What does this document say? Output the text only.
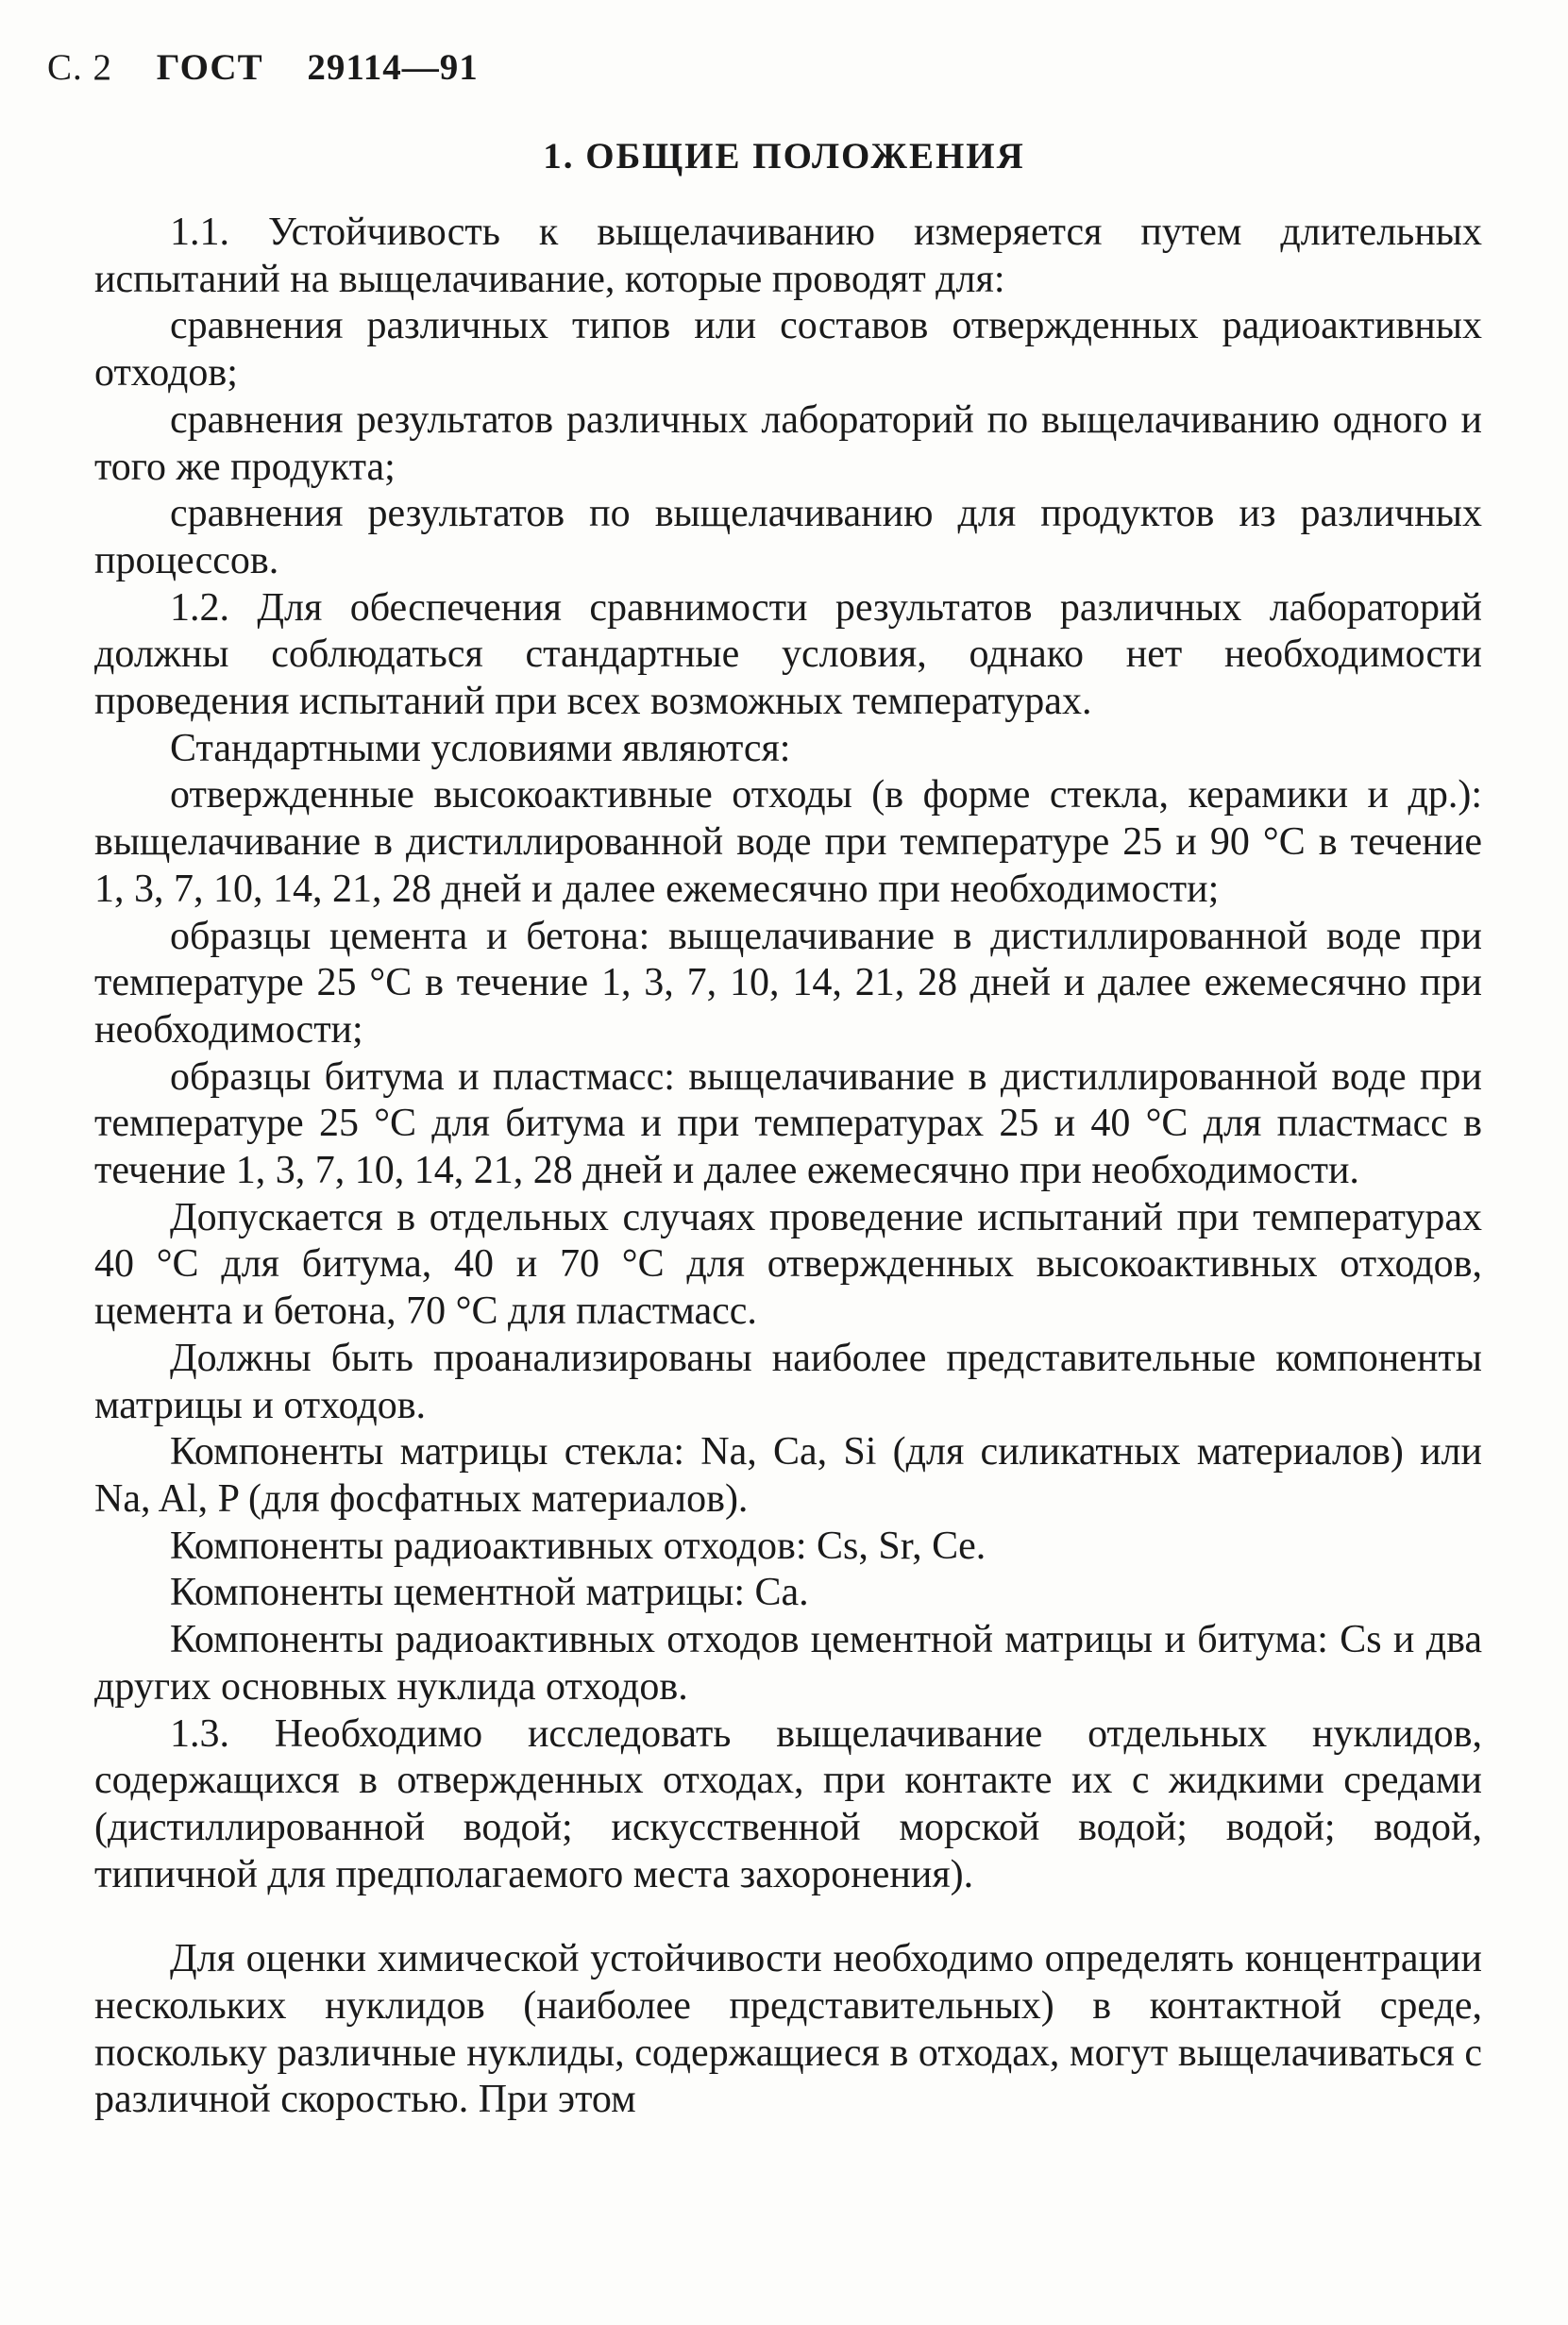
С. 2 ГОСТ 29114—91
1. ОБЩИЕ ПОЛОЖЕНИЯ

1.1. Устойчивость к выщелачиванию измеряется путем длительных испытаний на выщелачивание, которые проводят для:

сравнения различных типов или составов отвержденных радиоактивных отходов;

сравнения результатов различных лабораторий по выщелачиванию одного и того же продукта;

сравнения результатов по выщелачиванию для продуктов из различных процессов.

1.2. Для обеспечения сравнимости результатов различных лабораторий должны соблюдаться стандартные условия, однако нет необходимости проведения испытаний при всех возможных температурах.

Стандартными условиями являются:

отвержденные высокоактивные отходы (в форме стекла, керамики и др.): выщелачивание в дистиллированной воде при температуре 25 и 90 °С в течение 1, 3, 7, 10, 14, 21, 28 дней и далее ежемесячно при необходимости;

образцы цемента и бетона: выщелачивание в дистиллированной воде при температуре 25 °С в течение 1, 3, 7, 10, 14, 21, 28 дней и далее ежемесячно при необходимости;

образцы битума и пластмасс: выщелачивание в дистиллированной воде при температуре 25 °С для битума и при температурах 25 и 40 °С для пластмасс в течение 1, 3, 7, 10, 14, 21, 28 дней и далее ежемесячно при необходимости.

Допускается в отдельных случаях проведение испытаний при температурах 40 °С для битума, 40 и 70 °С для отвержденных высокоактивных отходов, цемента и бетона, 70 °С для пластмасс.

Должны быть проанализированы наиболее представительные компоненты матрицы и отходов.

Компоненты матрицы стекла: Na, Ca, Si (для силикатных материалов) или Na, Al, P (для фосфатных материалов).

Компоненты радиоактивных отходов: Cs, Sr, Ce.

Компоненты цементной матрицы: Ca.

Компоненты радиоактивных отходов цементной матрицы и битума: Cs и два других основных нуклида отходов.

1.3. Необходимо исследовать выщелачивание отдельных нуклидов, содержащихся в отвержденных отходах, при контакте их с жидкими средами (дистиллированной водой; искусственной морской водой; водой; водой, типичной для предполагаемого места захоронения).

Для оценки химической устойчивости необходимо определять концентрации нескольких нуклидов (наиболее представительных) в контактной среде, поскольку различные нуклиды, содержащиеся в отходах, могут выщелачиваться с различной скоростью. При этом
